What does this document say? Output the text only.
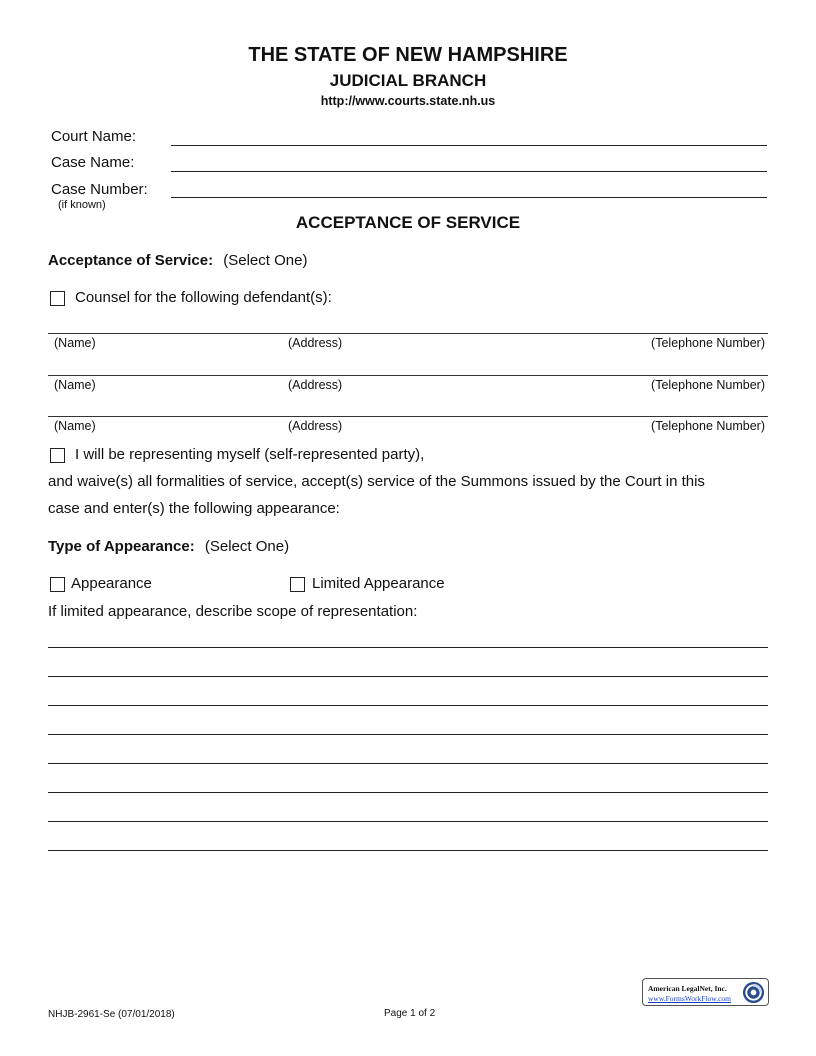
THE STATE OF NEW HAMPSHIRE
JUDICIAL BRANCH
http://www.courts.state.nh.us
Court Name:
Case Name:
Case Number:
(if known)
ACCEPTANCE OF SERVICE
Acceptance of Service: (Select One)
Counsel for the following defendant(s):
(Name)	(Address)	(Telephone Number)
(Name)	(Address)	(Telephone Number)
(Name)	(Address)	(Telephone Number)
I will be representing myself (self-represented party),
and waive(s) all formalities of service, accept(s) service of the Summons issued by the Court in this
case and enter(s) the following appearance:
Type of Appearance: (Select One)
Appearance	Limited Appearance
If limited appearance, describe scope of representation:
NHJB-2961-Se (07/01/2018)	Page 1 of 2
American LegalNet, Inc.
www.FormsWorkFlow.com
